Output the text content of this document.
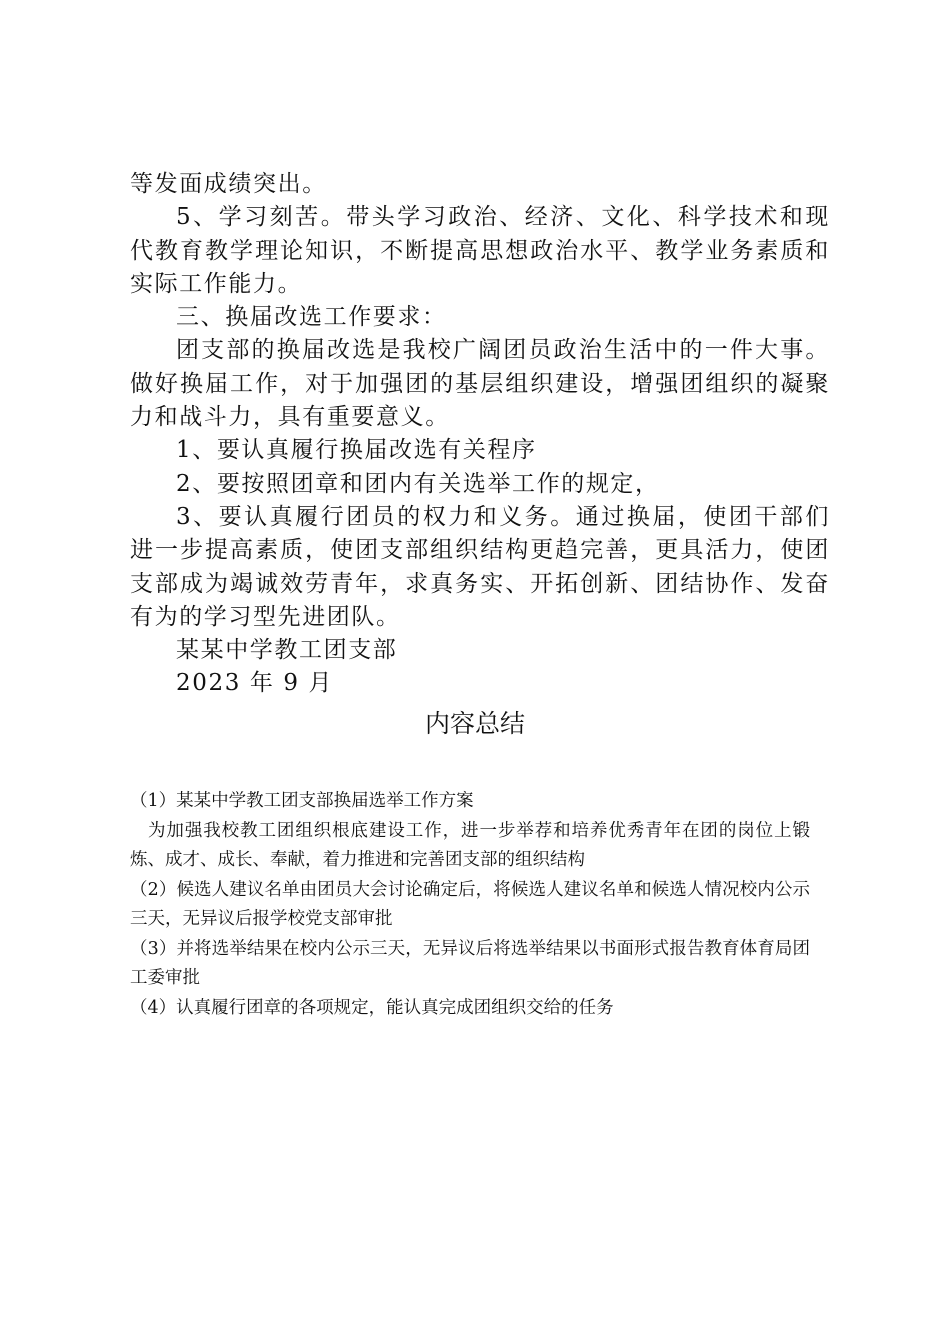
等发面成绩突出。

5、学习刻苦。带头学习政治、经济、文化、科学技术和现代教育教学理论知识，不断提高思想政治水平、教学业务素质和实际工作能力。

三、换届改选工作要求：

团支部的换届改选是我校广阔团员政治生活中的一件大事。做好换届工作，对于加强团的基层组织建设，增强团组织的凝聚力和战斗力，具有重要意义。

1、要认真履行换届改选有关程序

2、要按照团章和团内有关选举工作的规定，

3、要认真履行团员的权力和义务。通过换届，使团干部们进一步提高素质，使团支部组织结构更趋完善，更具活力，使团支部成为竭诚效劳青年，求真务实、开拓创新、团结协作、发奋有为的学习型先进团队。

某某中学教工团支部

2023 年 9 月

内容总结

（1）某某中学教工团支部换届选举工作方案

为加强我校教工团组织根底建设工作，进一步举荐和培养优秀青年在团的岗位上锻炼、成才、成长、奉献，着力推进和完善团支部的组织结构

（2）候选人建议名单由团员大会讨论确定后，将候选人建议名单和候选人情况校内公示三天，无异议后报学校党支部审批

（3）并将选举结果在校内公示三天，无异议后将选举结果以书面形式报告教育体育局团工委审批

（4）认真履行团章的各项规定，能认真完成团组织交给的任务
